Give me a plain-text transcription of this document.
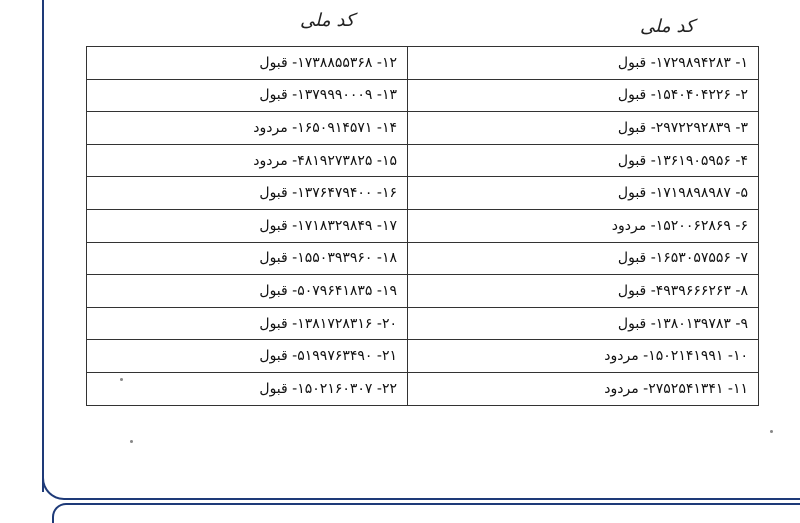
کد ملی
کد ملی
۱۲- ۱۷۳۸۸۵۵۳۶۸- قبول	۱- ۱۷۲۹۸۹۴۲۸۳- قبول
۱۳- ۱۳۷۹۹۹۰۰۰۹- قبول	۲- ۱۵۴۰۴۰۴۲۲۶- قبول
۱۴- ۱۶۵۰۹۱۴۵۷۱- مردود	۳- ۲۹۷۲۲۹۲۸۳۹- قبول
۱۵- ۴۸۱۹۲۷۳۸۲۵- مردود	۴- ۱۳۶۱۹۰۵۹۵۶- قبول
۱۶- ۱۳۷۶۴۷۹۴۰۰- قبول	۵- ۱۷۱۹۸۹۸۹۸۷- قبول
۱۷- ۱۷۱۸۳۲۹۸۴۹- قبول	۶- ۱۵۲۰۰۶۲۸۶۹- مردود
۱۸- ۱۵۵۰۳۹۳۹۶۰- قبول	۷- ۱۶۵۳۰۵۷۵۵۶- قبول
۱۹- ۵۰۷۹۶۴۱۸۳۵- قبول	۸- ۴۹۳۹۶۶۶۲۶۳- قبول
۲۰- ۱۳۸۱۷۲۸۳۱۶- قبول	۹- ۱۳۸۰۱۳۹۷۸۳- قبول
۲۱- ۵۱۹۹۷۶۳۴۹۰- قبول	۱۰- ۱۵۰۲۱۴۱۹۹۱- مردود
۲۲- ۱۵۰۲۱۶۰۳۰۷- قبول	۱۱- ۲۷۵۲۵۴۱۳۴۱- مردود
